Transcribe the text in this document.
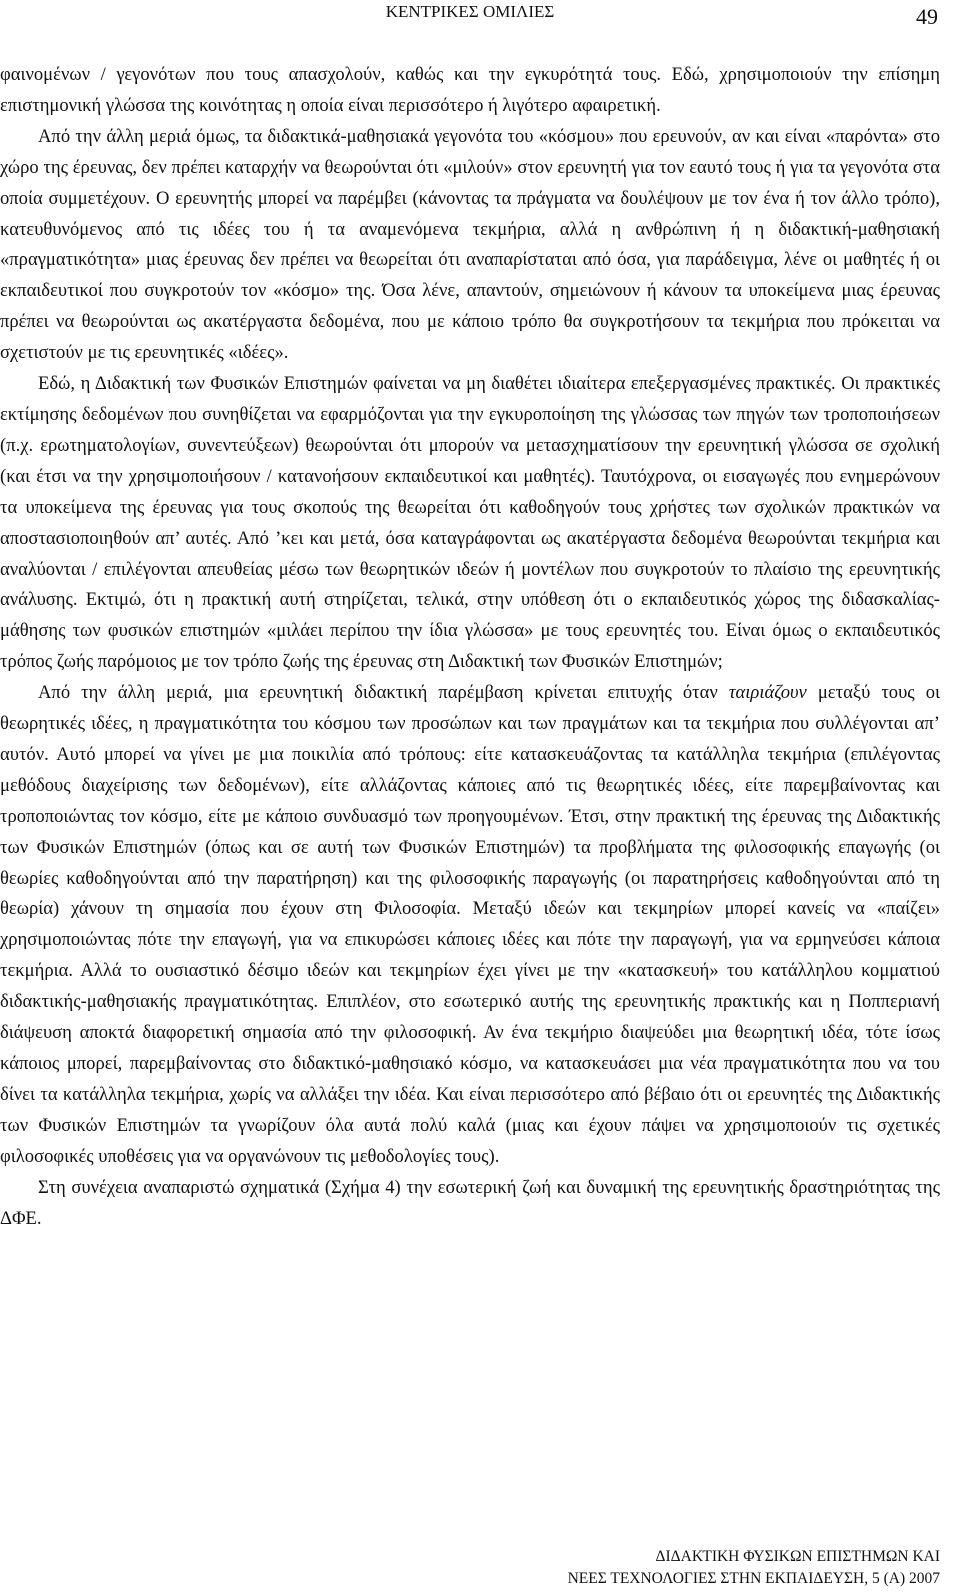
ΚΕΝΤΡΙΚΕΣ ΟΜΙΛΙΕΣ	49

φαινομένων / γεγονότων που τους απασχολούν, καθώς και την εγκυρότητά τους. Εδώ, χρησιμοποιούν την επίσημη επιστημονική γλώσσα της κοινότητας η οποία είναι περισσότερο ή λιγότερο αφαιρετική.

Από την άλλη μεριά όμως, τα διδακτικά-μαθησιακά γεγονότα του «κόσμου» που ερευνούν, αν και είναι «παρόντα» στο χώρο της έρευνας, δεν πρέπει καταρχήν να θεωρούνται ότι «μιλούν» στον ερευνητή για τον εαυτό τους ή για τα γεγονότα στα οποία συμμετέχουν. Ο ερευνητής μπορεί να παρέμβει (κάνοντας τα πράγματα να δουλέψουν με τον ένα ή τον άλλο τρόπο), κατευθυνόμενος από τις ιδέες του ή τα αναμενόμενα τεκμήρια, αλλά η ανθρώπινη ή η διδακτική-μαθησιακή «πραγματικότητα» μιας έρευνας δεν πρέπει να θεωρείται ότι αναπαρίσταται από όσα, για παράδειγμα, λένε οι μαθητές ή οι εκπαιδευτικοί που συγκροτούν τον «κόσμο» της. Όσα λένε, απαντούν, σημειώνουν ή κάνουν τα υποκείμενα μιας έρευνας πρέπει να θεωρούνται ως ακατέργαστα δεδομένα, που με κάποιο τρόπο θα συγκροτήσουν τα τεκμήρια που πρόκειται να σχετιστούν με τις ερευνητικές «ιδέες».

Εδώ, η Διδακτική των Φυσικών Επιστημών φαίνεται να μη διαθέτει ιδιαίτερα επεξεργασμένες πρακτικές. Οι πρακτικές εκτίμησης δεδομένων που συνηθίζεται να εφαρμόζονται για την εγκυροποίηση της γλώσσας των πηγών των τροποποιήσεων (π.χ. ερωτηματολογίων, συνεντεύξεων) θεωρούνται ότι μπορούν να μετασχηματίσουν την ερευνητική γλώσσα σε σχολική (και έτσι να την χρησιμοποιήσουν / κατανοήσουν εκπαιδευτικοί και μαθητές). Ταυτόχρονα, οι εισαγωγές που ενημερώνουν τα υποκείμενα της έρευνας για τους σκοπούς της θεωρείται ότι καθοδηγούν τους χρήστες των σχολικών πρακτικών να αποστασιοποιηθούν απ’ αυτές. Από ’κει και μετά, όσα καταγράφονται ως ακατέργαστα δεδομένα θεωρούνται τεκμήρια και αναλύονται / επιλέγονται απευθείας μέσω των θεωρητικών ιδεών ή μοντέλων που συγκροτούν το πλαίσιο της ερευνητικής ανάλυσης. Εκτιμώ, ότι η πρακτική αυτή στηρίζεται, τελικά, στην υπόθεση ότι ο εκπαιδευτικός χώρος της διδασκαλίας-μάθησης των φυσικών επιστημών «μιλάει περίπου την ίδια γλώσσα» με τους ερευνητές του. Είναι όμως ο εκπαιδευτικός τρόπος ζωής παρόμοιος με τον τρόπο ζωής της έρευνας στη Διδακτική των Φυσικών Επιστημών;

Από την άλλη μεριά, μια ερευνητική διδακτική παρέμβαση κρίνεται επιτυχής όταν ταιριάζουν μεταξύ τους οι θεωρητικές ιδέες, η πραγματικότητα του κόσμου των προσώπων και των πραγμάτων και τα τεκμήρια που συλλέγονται απ’ αυτόν. Αυτό μπορεί να γίνει με μια ποικιλία από τρόπους: είτε κατασκευάζοντας τα κατάλληλα τεκμήρια (επιλέγοντας μεθόδους διαχείρισης των δεδομένων), είτε αλλάζοντας κάποιες από τις θεωρητικές ιδέες, είτε παρεμβαίνοντας και τροποποιώντας τον κόσμο, είτε με κάποιο συνδυασμό των προηγουμένων. Έτσι, στην πρακτική της έρευνας της Διδακτικής των Φυσικών Επιστημών (όπως και σε αυτή των Φυσικών Επιστημών) τα προβλήματα της φιλοσοφικής επαγωγής (οι θεωρίες καθοδηγούνται από την παρατήρηση) και της φιλοσοφικής παραγωγής (οι παρατηρήσεις καθοδηγούνται από τη θεωρία) χάνουν τη σημασία που έχουν στη Φιλοσοφία. Μεταξύ ιδεών και τεκμηρίων μπορεί κανείς να «παίζει» χρησιμοποιώντας πότε την επαγωγή, για να επικυρώσει κάποιες ιδέες και πότε την παραγωγή, για να ερμηνεύσει κάποια τεκμήρια. Αλλά το ουσιαστικό δέσιμο ιδεών και τεκμηρίων έχει γίνει με την «κατασκευή» του κατάλληλου κομματιού διδακτικής-μαθησιακής πραγματικότητας. Επιπλέον, στο εσωτερικό αυτής της ερευνητικής πρακτικής και η Ποππεριανή διάψευση αποκτά διαφορετική σημασία από την φιλοσοφική. Αν ένα τεκμήριο διαψεύδει μια θεωρητική ιδέα, τότε ίσως κάποιος μπορεί, παρεμβαίνοντας στο διδακτικό-μαθησιακό κόσμο, να κατασκευάσει μια νέα πραγματικότητα που να του δίνει τα κατάλληλα τεκμήρια, χωρίς να αλλάξει την ιδέα. Και είναι περισσότερο από βέβαιο ότι οι ερευνητές της Διδακτικής των Φυσικών Επιστημών τα γνωρίζουν όλα αυτά πολύ καλά (μιας και έχουν πάψει να χρησιμοποιούν τις σχετικές φιλοσοφικές υποθέσεις για να οργανώνουν τις μεθοδολογίες τους).

Στη συνέχεια αναπαριστώ σχηματικά (Σχήμα 4) την εσωτερική ζωή και δυναμική της ερευνητικής δραστηριότητας της ΔΦΕ.

ΔΙΔΑΚΤΙΚΗ ΦΥΣΙΚΩΝ ΕΠΙΣΤΗΜΩΝ ΚΑΙ
ΝΕΕΣ ΤΕΧΝΟΛΟΓΙΕΣ ΣΤΗΝ ΕΚΠΑΙΔΕΥΣΗ, 5 (Α) 2007
